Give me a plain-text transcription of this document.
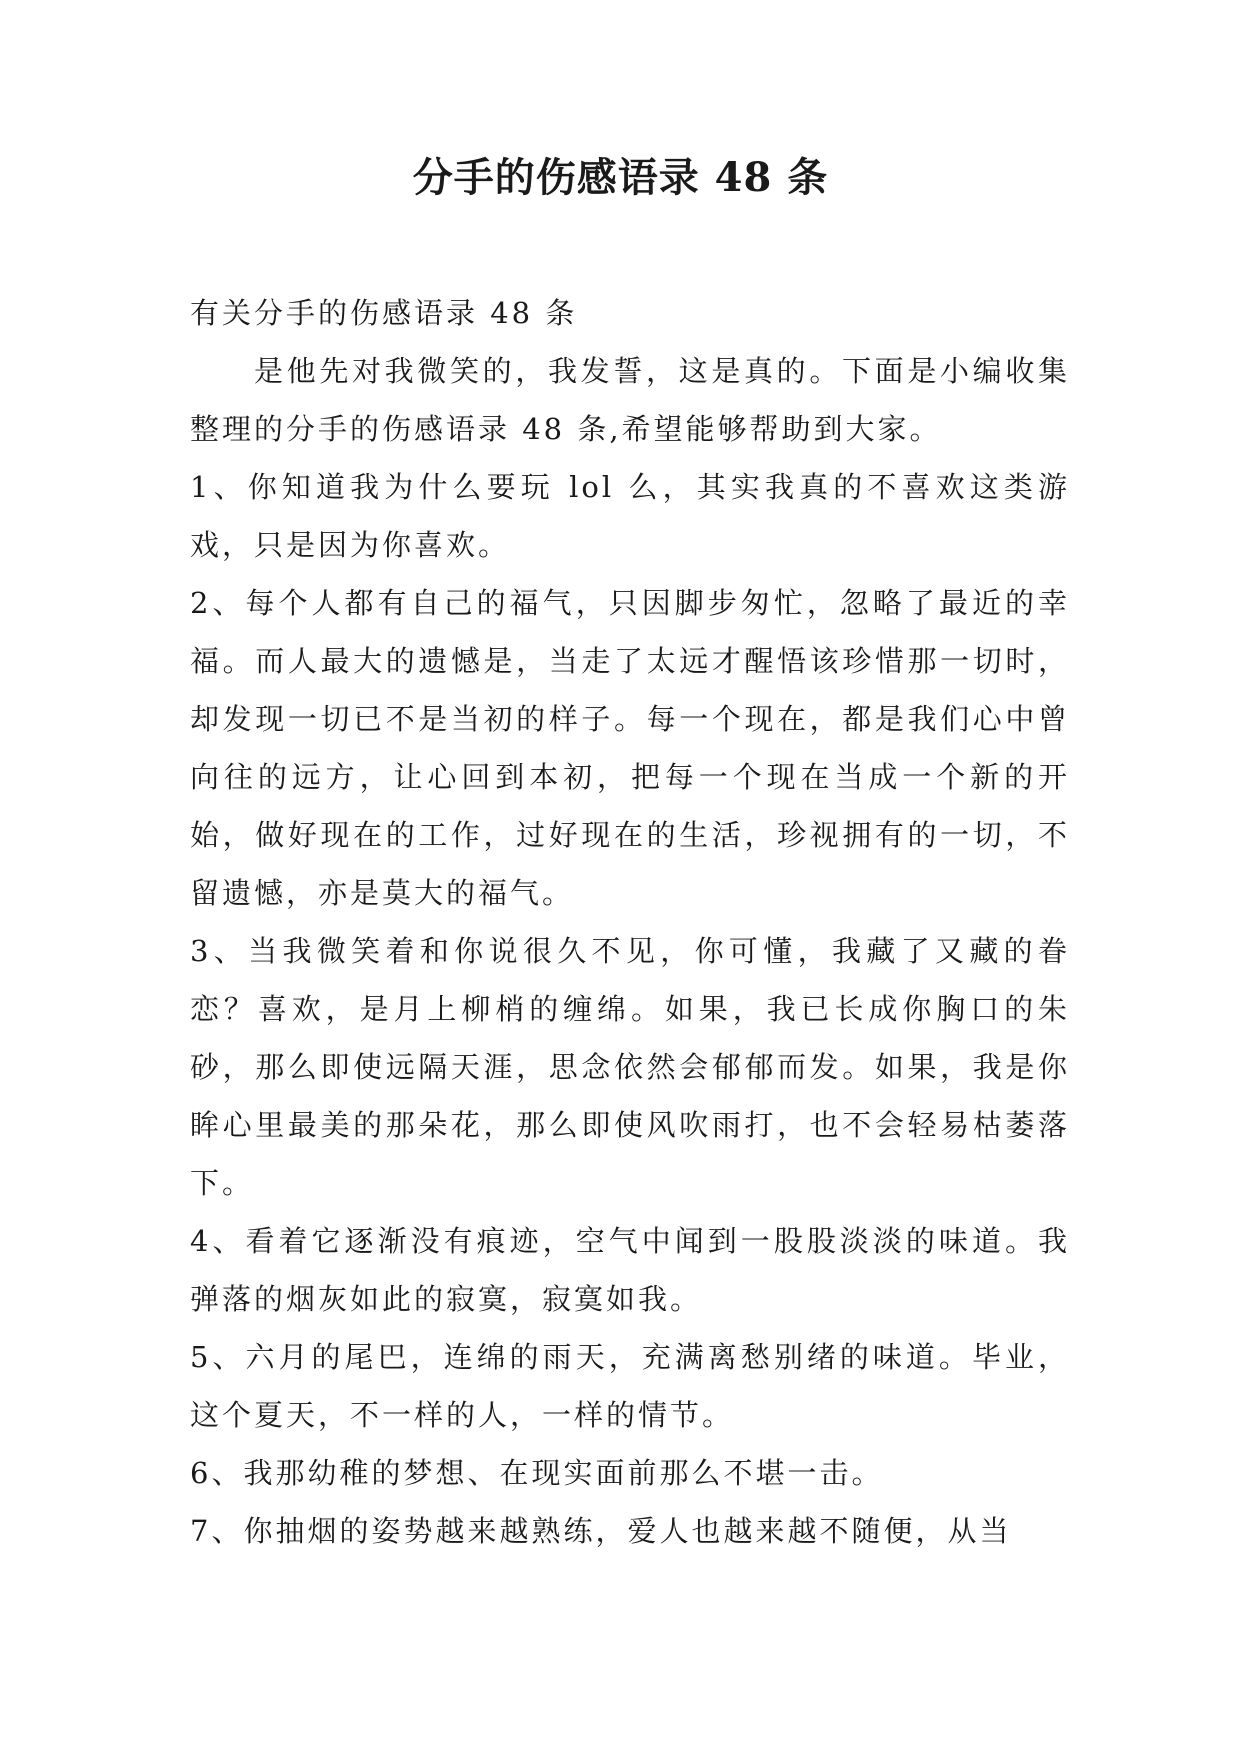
分手的伤感语录 48 条

有关分手的伤感语录 48 条

是他先对我微笑的，我发誓，这是真的。下面是小编收集整理的分手的伤感语录 48 条,希望能够帮助到大家。

1、你知道我为什么要玩 lol 么，其实我真的不喜欢这类游戏，只是因为你喜欢。

2、每个人都有自己的福气，只因脚步匆忙，忽略了最近的幸福。而人最大的遗憾是，当走了太远才醒悟该珍惜那一切时，却发现一切已不是当初的样子。每一个现在，都是我们心中曾向往的远方，让心回到本初，把每一个现在当成一个新的开始，做好现在的工作，过好现在的生活，珍视拥有的一切，不留遗憾，亦是莫大的福气。

3、当我微笑着和你说很久不见，你可懂，我藏了又藏的眷恋？喜欢，是月上柳梢的缠绵。如果，我已长成你胸口的朱砂，那么即使远隔天涯，思念依然会郁郁而发。如果，我是你眸心里最美的那朵花，那么即使风吹雨打，也不会轻易枯萎落下。

4、看着它逐渐没有痕迹，空气中闻到一股股淡淡的味道。我弹落的烟灰如此的寂寞，寂寞如我。

5、六月的尾巴，连绵的雨天，充满离愁别绪的味道。毕业，这个夏天，不一样的人，一样的情节。

6、我那幼稚的梦想、在现实面前那么不堪一击。

7、你抽烟的姿势越来越熟练，爱人也越来越不随便，从当
